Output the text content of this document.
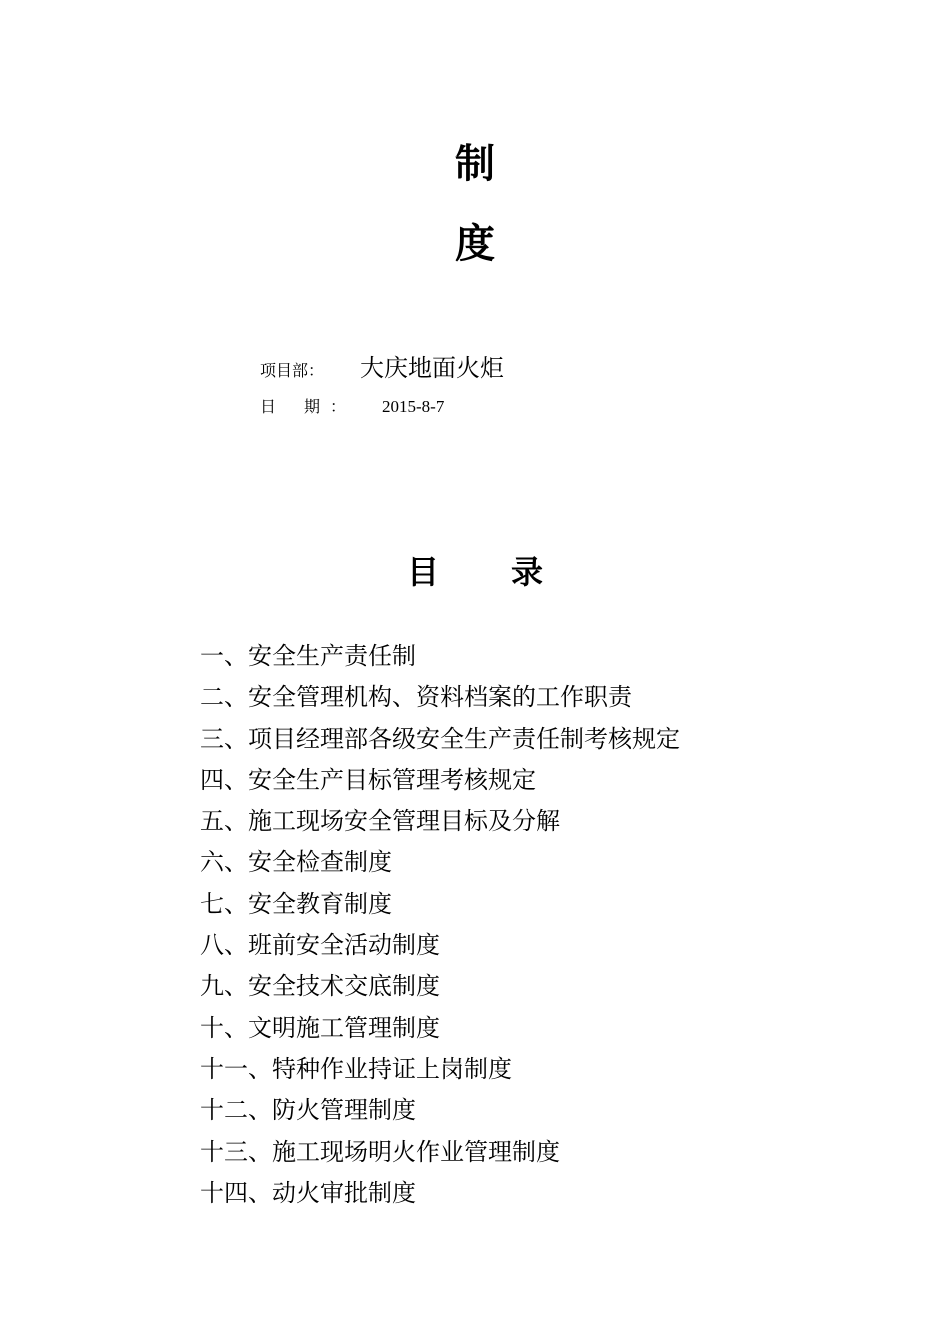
制
度
项目部： 大庆地面火炬
日 期 ： 2015-8-7
目 录
一、安全生产责任制
二、安全管理机构、资料档案的工作职责
三、项目经理部各级安全生产责任制考核规定
四、安全生产目标管理考核规定
五、施工现场安全管理目标及分解
六、安全检查制度
七、安全教育制度
八、班前安全活动制度
九、安全技术交底制度
十、文明施工管理制度
十一、特种作业持证上岗制度
十二、防火管理制度
十三、施工现场明火作业管理制度
十四、动火审批制度
